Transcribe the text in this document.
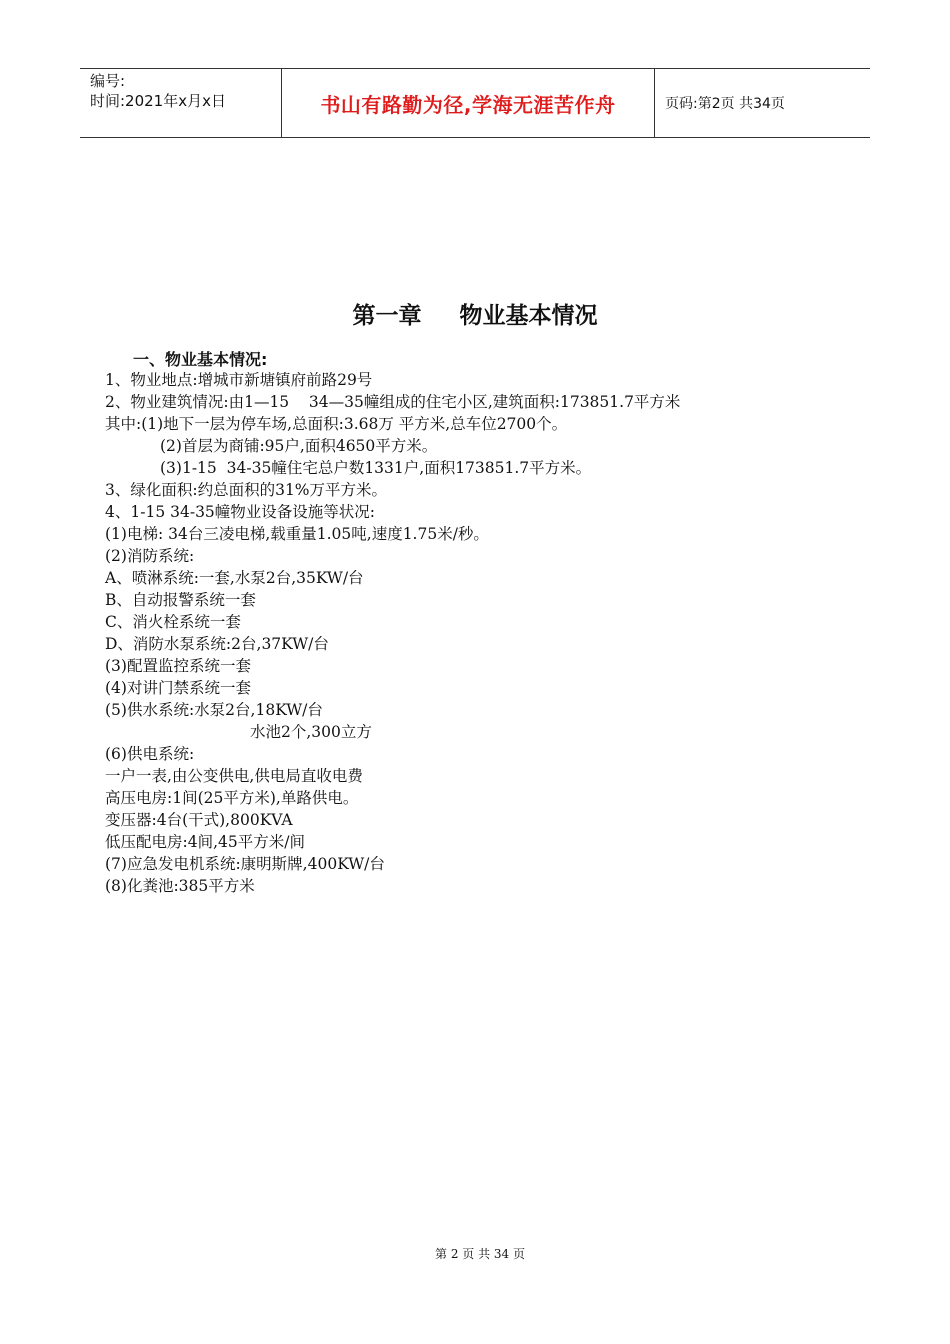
编号:
时间:2021年x月x日	书山有路勤为径,学海无涯苦作舟	页码:第2页 共34页
第一章 物业基本情况
一、物业基本情况:
1、物业地点:增城市新塘镇府前路29号
2、物业建筑情况:由1—15    34—35幢组成的住宅小区,建筑面积:173851.7平方米
其中:(1)地下一层为停车场,总面积:3.68万 平方米,总车位2700个。
(2)首层为商铺:95户,面积4650平方米。
(3)1-15  34-35幢住宅总户数1331户,面积173851.7平方米。
3、绿化面积:约总面积的31%万平方米。
4、1-15 34-35幢物业设备设施等状况:
(1)电梯: 34台三凌电梯,载重量1.05吨,速度1.75米/秒。
(2)消防系统:
A、喷淋系统:一套,水泵2台,35KW/台
B、自动报警系统一套
C、消火栓系统一套
D、消防水泵系统:2台,37KW/台
(3)配置监控系统一套
(4)对讲门禁系统一套
(5)供水系统:水泵2台,18KW/台
水池2个,300立方
(6)供电系统:
一户一表,由公变供电,供电局直收电费
高压电房:1间(25平方米),单路供电。
变压器:4台(干式),800KVA
低压配电房:4间,45平方米/间
(7)应急发电机系统:康明斯牌,400KW/台
(8)化粪池:385平方米
第 2 页 共 34 页
